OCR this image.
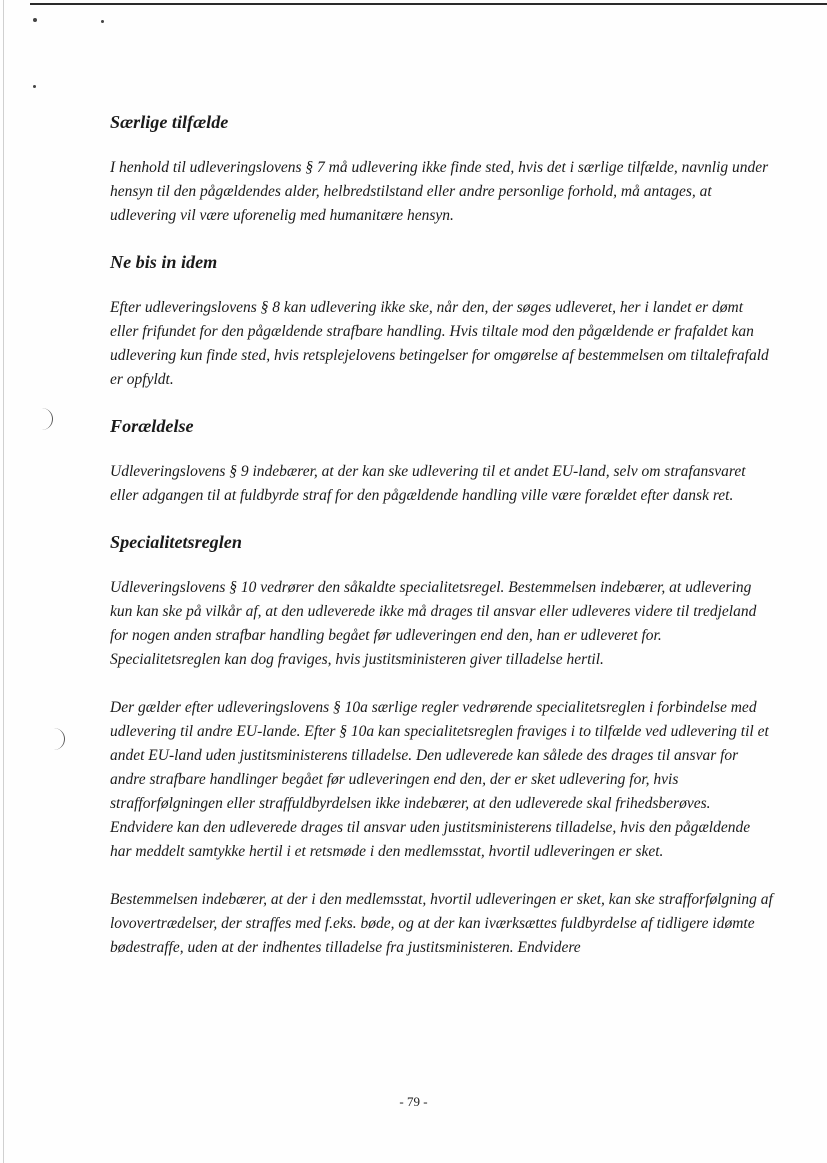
Særlige tilfælde

I henhold til udleveringslovens § 7 må udlevering ikke finde sted, hvis det i særlige tilfælde, navnlig under hensyn til den pågældendes alder, helbredstilstand eller andre personlige forhold, må antages, at udlevering vil være uforenelig med humanitære hensyn.

Ne bis in idem

Efter udleveringslovens § 8 kan udlevering ikke ske, når den, der søges udleveret, her i landet er dømt eller frifundet for den pågældende strafbare handling. Hvis tiltale mod den pågældende er frafaldet kan udlevering kun finde sted, hvis retsplejelovens betingelser for omgørelse af bestemmelsen om tiltalefrafald er opfyldt.

Forældelse

Udleveringslovens § 9 indebærer, at der kan ske udlevering til et andet EU-land, selv om strafansvaret eller adgangen til at fuldbyrde straf for den pågældende handling ville være forældet efter dansk ret.

Specialitetsreglen

Udleveringslovens § 10 vedrører den såkaldte specialitetsregel. Bestemmelsen indebærer, at udlevering kun kan ske på vilkår af, at den udleverede ikke må drages til ansvar eller udleveres videre til tredjeland for nogen anden strafbar handling begået før udleveringen end den, han er udleveret for. Specialitetsreglen kan dog fraviges, hvis justitsministeren giver tilladelse hertil.

Der gælder efter udleveringslovens § 10a særlige regler vedrørende specialitetsreglen i forbindelse med udlevering til andre EU-lande. Efter § 10a kan specialitetsreglen fraviges i to tilfælde ved udlevering til et andet EU-land uden justitsministerens tilladelse. Den udleverede kan sålede des drages til ansvar for andre strafbare handlinger begået før udleveringen end den, der er sket udlevering for, hvis strafforfølgningen eller straffuldbyrdelsen ikke indebærer, at den udleverede skal frihedsberøves. Endvidere kan den udleverede drages til ansvar uden justitsministerens tilladelse, hvis den pågældende har meddelt samtykke hertil i et retsmøde i den medlemsstat, hvortil udleveringen er sket.

Bestemmelsen indebærer, at der i den medlemsstat, hvortil udleveringen er sket, kan ske strafforfølgning af lovovertrædelser, der straffes med f.eks. bøde, og at der kan iværksættes fuldbyrdelse af tidligere idømte bødestraffe, uden at der indhentes tilladelse fra justitsministeren. Endvidere

- 79 -
